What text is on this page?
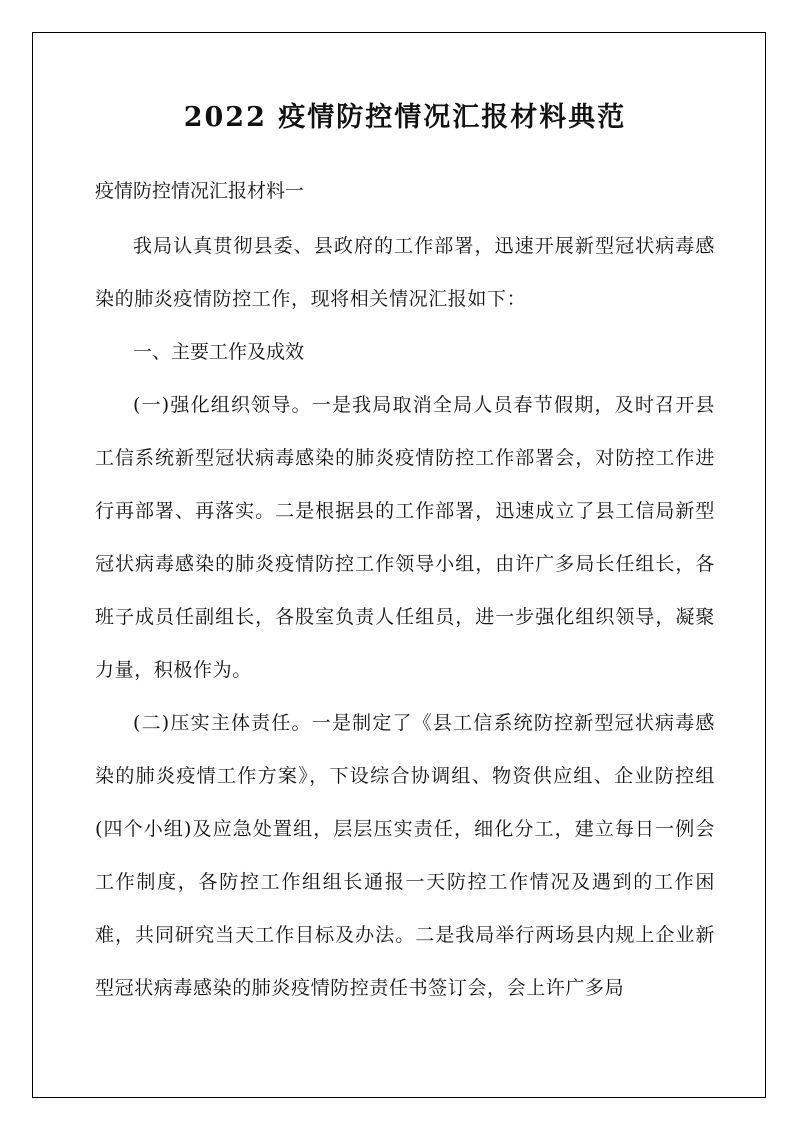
2022 疫情防控情况汇报材料典范

疫情防控情况汇报材料一

我局认真贯彻县委、县政府的工作部署，迅速开展新型冠状病毒感染的肺炎疫情防控工作，现将相关情况汇报如下：

一、主要工作及成效

(一)强化组织领导。一是我局取消全局人员春节假期，及时召开县工信系统新型冠状病毒感染的肺炎疫情防控工作部署会，对防控工作进行再部署、再落实。二是根据县的工作部署，迅速成立了县工信局新型冠状病毒感染的肺炎疫情防控工作领导小组，由许广多局长任组长，各班子成员任副组长，各股室负责人任组员，进一步强化组织领导，凝聚力量，积极作为。

(二)压实主体责任。一是制定了《县工信系统防控新型冠状病毒感染的肺炎疫情工作方案》，下设综合协调组、物资供应组、企业防控组(四个小组)及应急处置组，层层压实责任，细化分工，建立每日一例会工作制度，各防控工作组组长通报一天防控工作情况及遇到的工作困难，共同研究当天工作目标及办法。二是我局举行两场县内规上企业新型冠状病毒感染的肺炎疫情防控责任书签订会，会上许广多局
